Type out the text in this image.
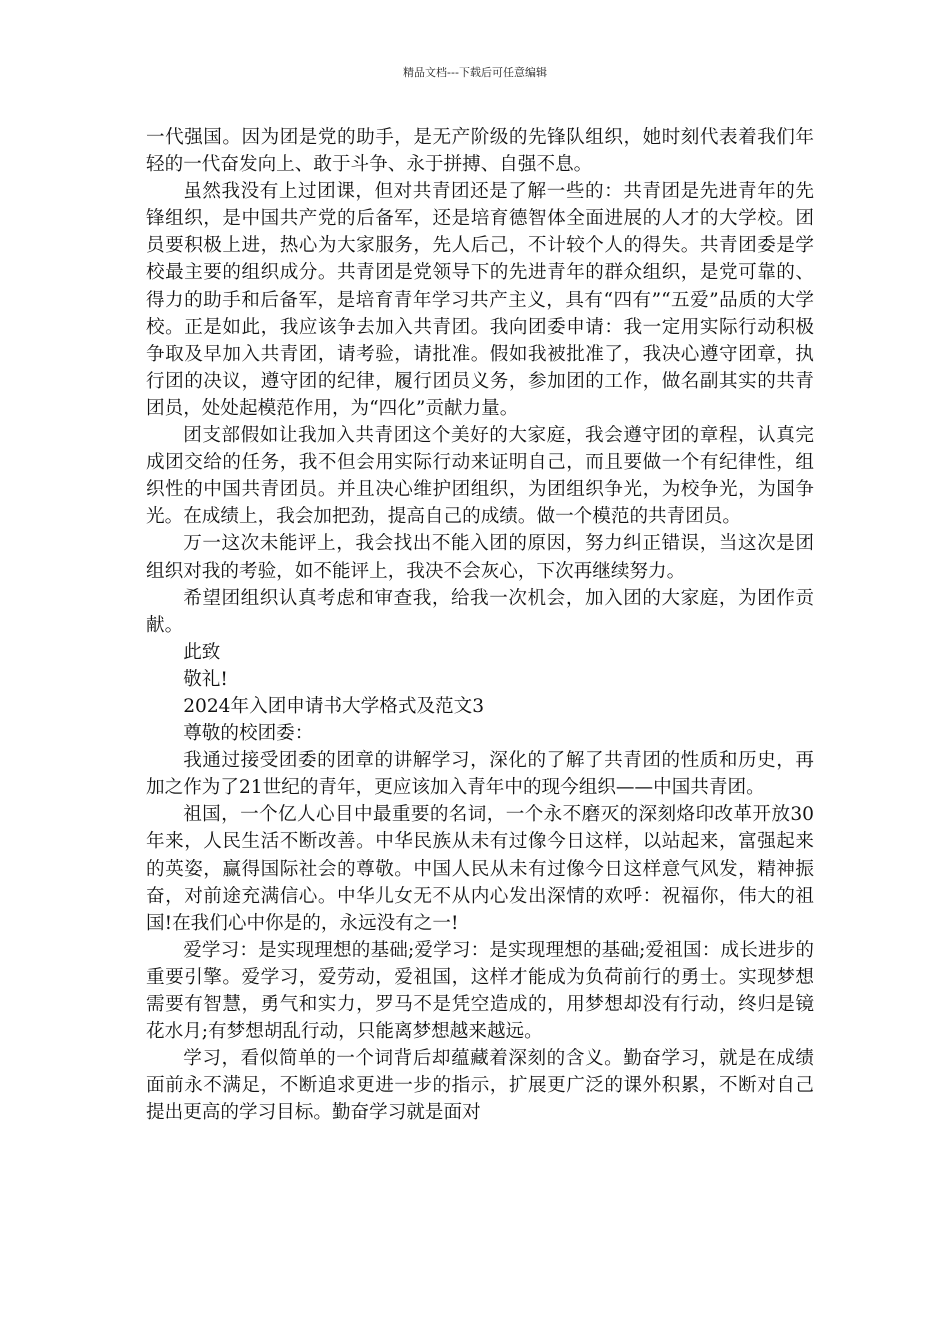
精品文档---下载后可任意编辑

一代强国。因为团是党的助手，是无产阶级的先锋队组织，她时刻代表着我们年轻的一代奋发向上、敢于斗争、永于拼搏、自强不息。

虽然我没有上过团课，但对共青团还是了解一些的：共青团是先进青年的先锋组织，是中国共产党的后备军，还是培育德智体全面进展的人才的大学校。团员要积极上进，热心为大家服务，先人后己，不计较个人的得失。共青团委是学校最主要的组织成分。共青团是党领导下的先进青年的群众组织，是党可靠的、得力的助手和后备军，是培育青年学习共产主义，具有“四有”“五爱”品质的大学校。正是如此，我应该争去加入共青团。我向团委申请：我一定用实际行动积极争取及早加入共青团，请考验，请批准。假如我被批准了，我决心遵守团章，执行团的决议，遵守团的纪律，履行团员义务，参加团的工作，做名副其实的共青团员，处处起模范作用，为“四化”贡献力量。

团支部假如让我加入共青团这个美好的大家庭，我会遵守团的章程，认真完成团交给的任务，我不但会用实际行动来证明自己，而且要做一个有纪律性，组织性的中国共青团员。并且决心维护团组织，为团组织争光，为校争光，为国争光。在成绩上，我会加把劲，提高自己的成绩。做一个模范的共青团员。

万一这次未能评上，我会找出不能入团的原因，努力纠正错误，当这次是团组织对我的考验，如不能评上，我决不会灰心，下次再继续努力。

希望团组织认真考虑和审查我，给我一次机会，加入团的大家庭，为团作贡献。

此致

敬礼!

2024年入团申请书大学格式及范文3

尊敬的校团委：

我通过接受团委的团章的讲解学习，深化的了解了共青团的性质和历史，再加之作为了21世纪的青年，更应该加入青年中的现今组织——中国共青团。

祖国，一个亿人心目中最重要的名词，一个永不磨灭的深刻烙印改革开放30年来，人民生活不断改善。中华民族从未有过像今日这样，以站起来，富强起来的英姿，赢得国际社会的尊敬。中国人民从未有过像今日这样意气风发，精神振奋，对前途充满信心。中华儿女无不从内心发出深情的欢呼：祝福你，伟大的祖国!在我们心中你是的，永远没有之一!

爱学习：是实现理想的基础;爱学习：是实现理想的基础;爱祖国：成长进步的重要引擎。爱学习，爱劳动，爱祖国，这样才能成为负荷前行的勇士。实现梦想需要有智慧，勇气和实力，罗马不是凭空造成的，用梦想却没有行动，终归是镜花水月;有梦想胡乱行动，只能离梦想越来越远。

学习，看似简单的一个词背后却蕴藏着深刻的含义。勤奋学习，就是在成绩面前永不满足，不断追求更进一步的指示，扩展更广泛的课外积累，不断对自己提出更高的学习目标。勤奋学习就是面对
